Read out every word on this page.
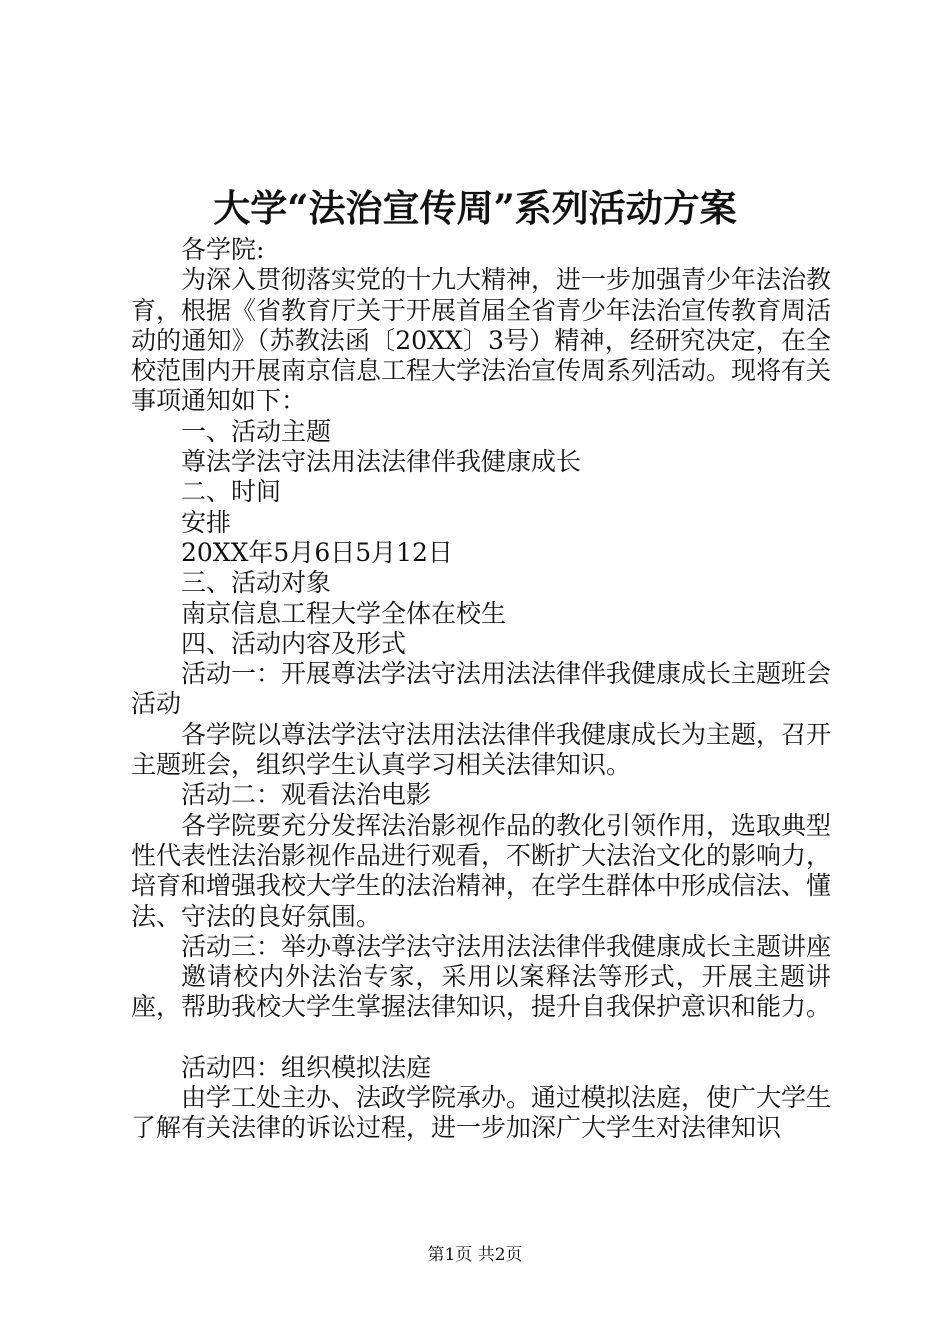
大学“法治宣传周”系列活动方案

各学院:

为深入贯彻落实党的十九大精神，进一步加强青少年法治教育，根据《省教育厅关于开展首届全省青少年法治宣传教育周活动的通知》（苏教法函〔20XX〕3号）精神，经研究决定，在全校范围内开展南京信息工程大学法治宣传周系列活动。现将有关事项通知如下：

一、活动主题

尊法学法守法用法法律伴我健康成长

二、时间

安排

20XX年5月6日5月12日

三、活动对象

南京信息工程大学全体在校生

四、活动内容及形式

活动一：开展尊法学法守法用法法律伴我健康成长主题班会活动

各学院以尊法学法守法用法法律伴我健康成长为主题，召开主题班会，组织学生认真学习相关法律知识。

活动二：观看法治电影

各学院要充分发挥法治影视作品的教化引领作用，选取典型性代表性法治影视作品进行观看，不断扩大法治文化的影响力，培育和增强我校大学生的法治精神，在学生群体中形成信法、懂法、守法的良好氛围。

活动三：举办尊法学法守法用法法律伴我健康成长主题讲座

邀请校内外法治专家，采用以案释法等形式，开展主题讲座，帮助我校大学生掌握法律知识，提升自我保护意识和能力。

活动四：组织模拟法庭

由学工处主办、法政学院承办。通过模拟法庭，使广大学生了解有关法律的诉讼过程，进一步加深广大学生对法律知识

第1页 共2页
